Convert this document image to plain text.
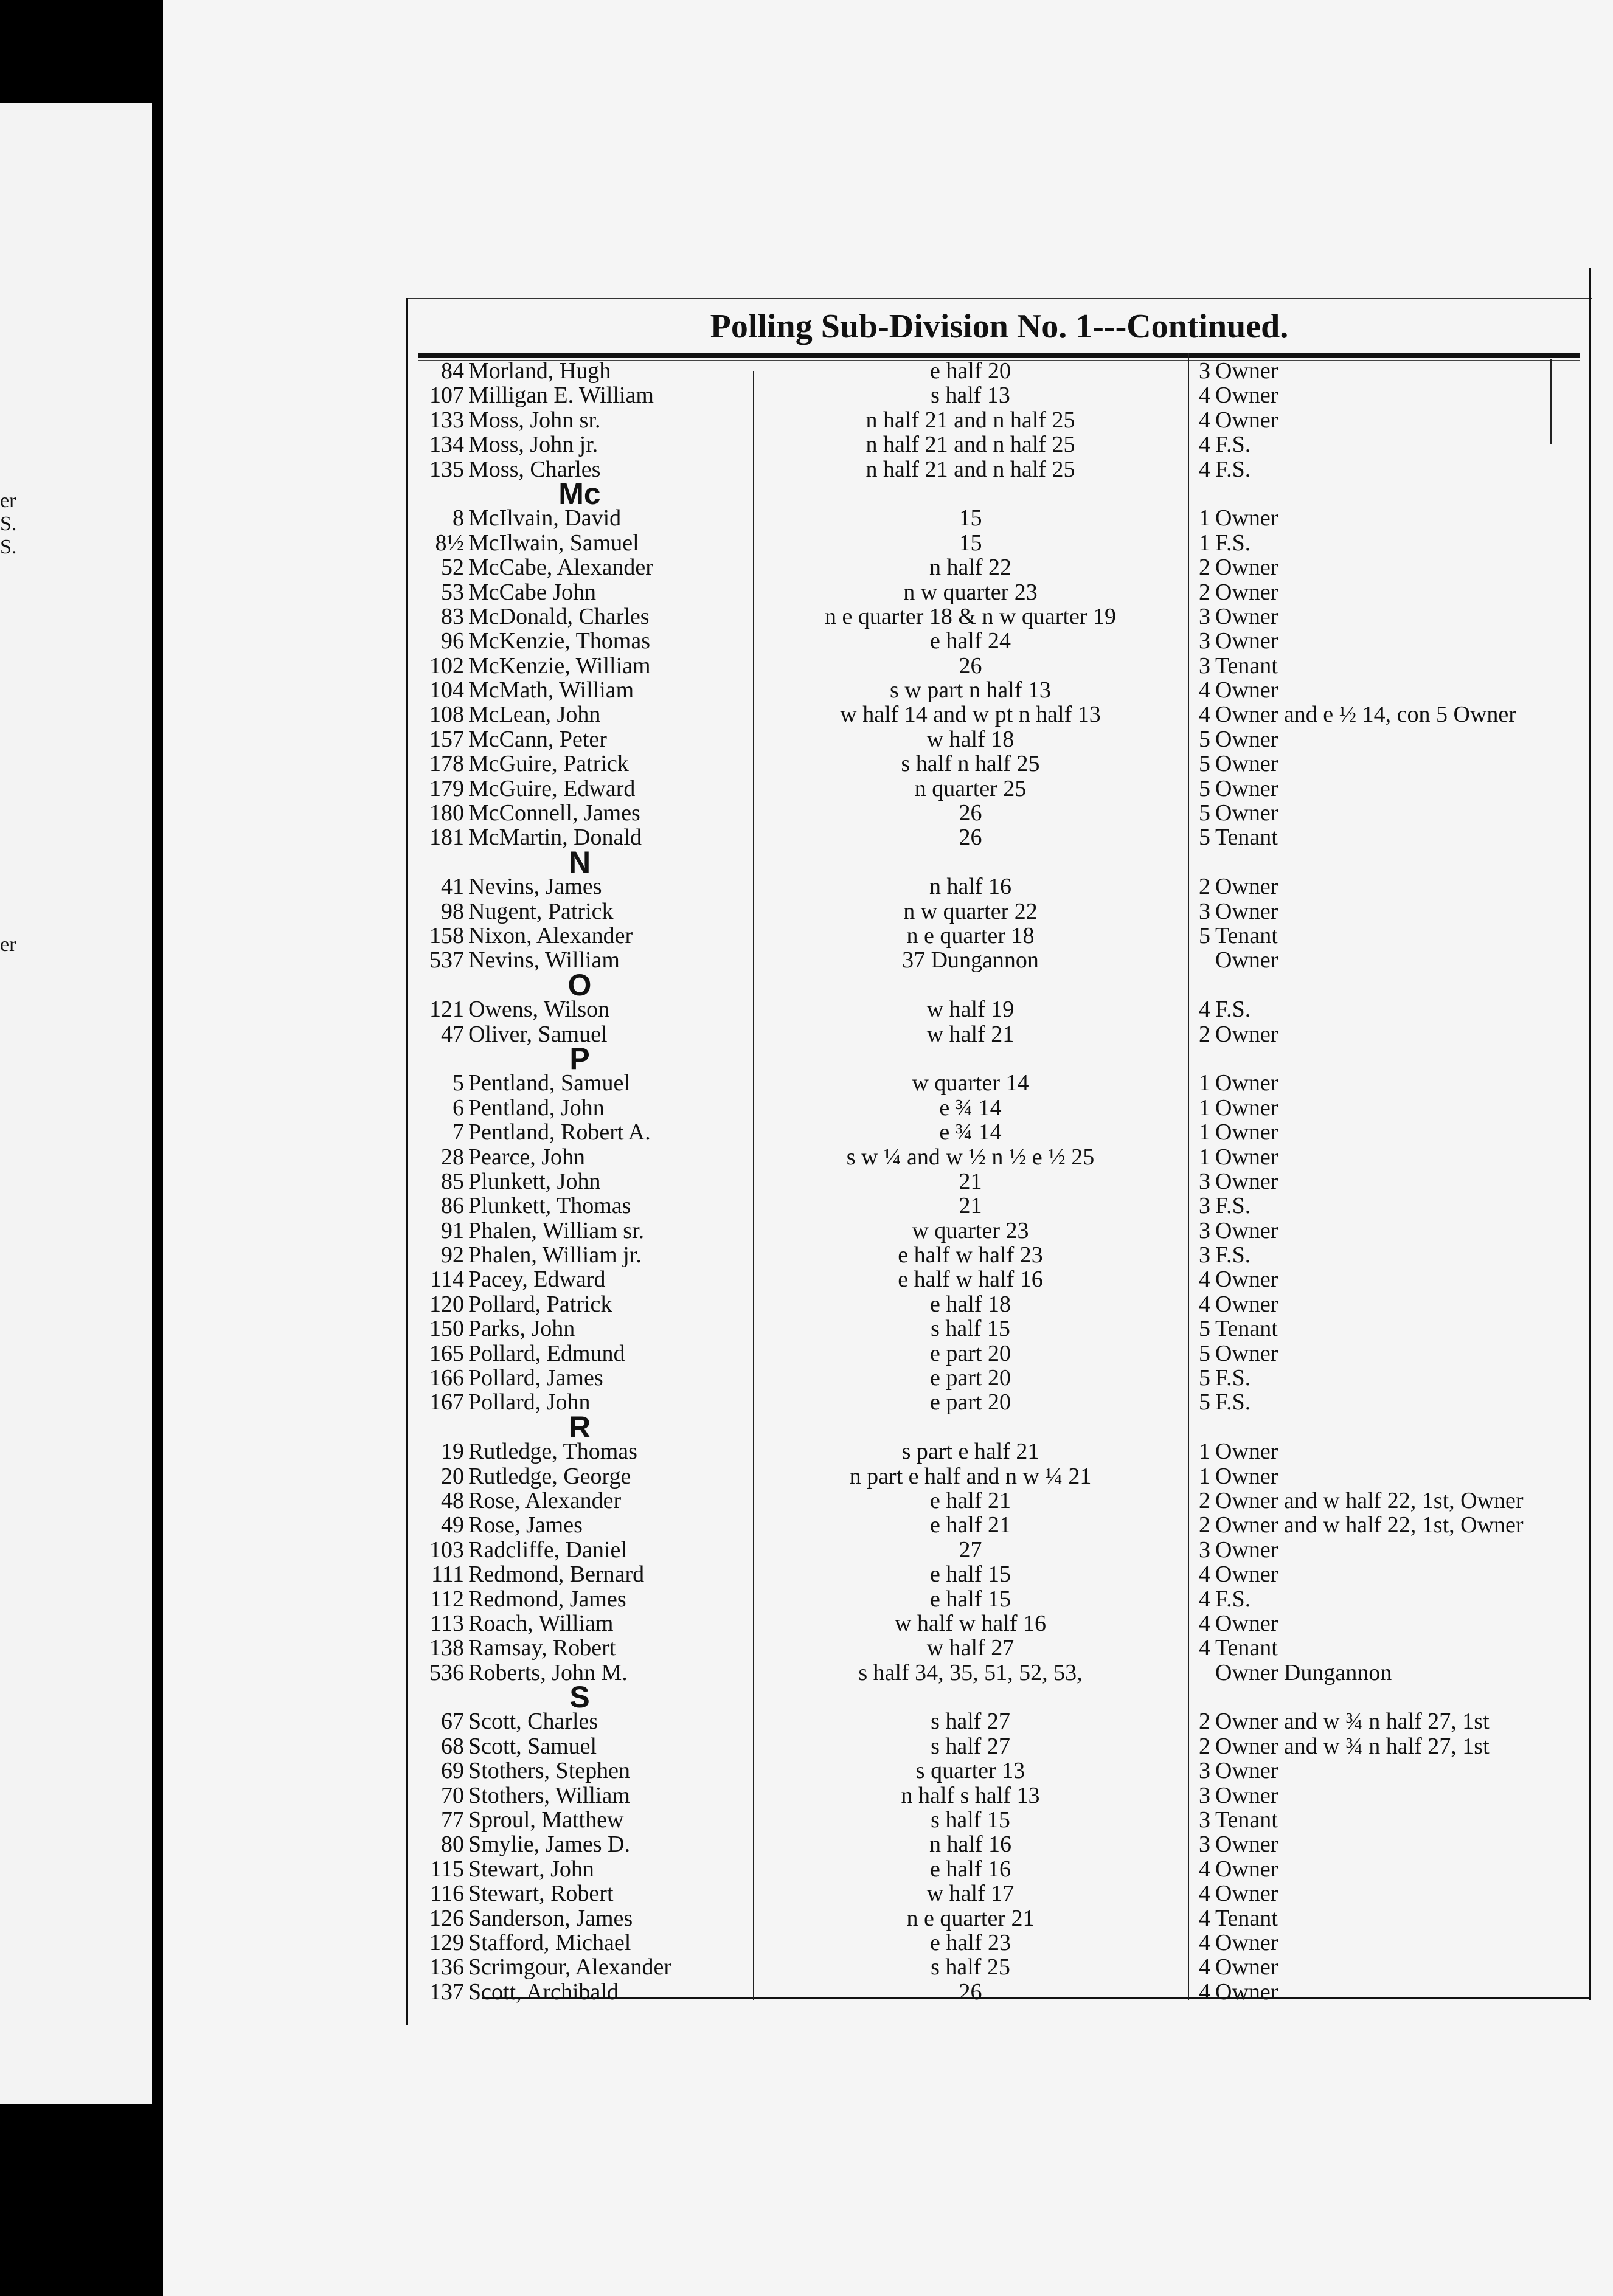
er
S.
S.
er
Polling Sub-Division No. 1---Continued.
84 Morland, Hugh	e half 20	3 Owner
107 Milligan E. William	s half 13	4 Owner
133 Moss, John sr.	n half 21 and n half 25	4 Owner
134 Moss, John jr.	n half 21 and n half 25	4 F.S.
135 Moss, Charles	n half 21 and n half 25	4 F.S.
Mc
8 McIlvain, David	15	1 Owner
8½ McIlwain, Samuel	15	1 F.S.
52 McCabe, Alexander	n half 22	2 Owner
53 McCabe John	n w quarter 23	2 Owner
83 McDonald, Charles	n e quarter 18 & n w quarter 19	3 Owner
96 McKenzie, Thomas	e half 24	3 Owner
102 McKenzie, William	26	3 Tenant
104 McMath, William	s w part n half 13	4 Owner
108 McLean, John	w half 14 and w pt n half 13	4 Owner and e ½ 14, con 5 Owner
157 McCann, Peter	w half 18	5 Owner
178 McGuire, Patrick	s half n half 25	5 Owner
179 McGuire, Edward	n quarter 25	5 Owner
180 McConnell, James	26	5 Owner
181 McMartin, Donald	26	5 Tenant
N
41 Nevins, James	n half 16	2 Owner
98 Nugent, Patrick	n w quarter 22	3 Owner
158 Nixon, Alexander	n e quarter 18	5 Tenant
537 Nevins, William	37 Dungannon	Owner
O
121 Owens, Wilson	w half 19	4 F.S.
47 Oliver, Samuel	w half 21	2 Owner
P
5 Pentland, Samuel	w quarter 14	1 Owner
6 Pentland, John	e ¾ 14	1 Owner
7 Pentland, Robert A.	e ¾ 14	1 Owner
28 Pearce, John	s w ¼ and w ½ n ½ e ½ 25	1 Owner
85 Plunkett, John	21	3 Owner
86 Plunkett, Thomas	21	3 F.S.
91 Phalen, William sr.	w quarter 23	3 Owner
92 Phalen, William jr.	e half w half 23	3 F.S.
114 Pacey, Edward	e half w half 16	4 Owner
120 Pollard, Patrick	e half 18	4 Owner
150 Parks, John	s half 15	5 Tenant
165 Pollard, Edmund	e part 20	5 Owner
166 Pollard, James	e part 20	5 F.S.
167 Pollard, John	e part 20	5 F.S.
R
19 Rutledge, Thomas	s part e half 21	1 Owner
20 Rutledge, George	n part e half and n w ¼ 21	1 Owner
48 Rose, Alexander	e half 21	2 Owner and w half 22, 1st, Owner
49 Rose, James	e half 21	2 Owner and w half 22, 1st, Owner
103 Radcliffe, Daniel	27	3 Owner
111 Redmond, Bernard	e half 15	4 Owner
112 Redmond, James	e half 15	4 F.S.
113 Roach, William	w half w half 16	4 Owner
138 Ramsay, Robert	w half 27	4 Tenant
536 Roberts, John M.	s half 34, 35, 51, 52, 53,	Owner Dungannon
S
67 Scott, Charles	s half 27	2 Owner and w ¾ n half 27, 1st
68 Scott, Samuel	s half 27	2 Owner and w ¾ n half 27, 1st
69 Stothers, Stephen	s quarter 13	3 Owner
70 Stothers, William	n half s half 13	3 Owner
77 Sproul, Matthew	s half 15	3 Tenant
80 Smylie, James D.	n half 16	3 Owner
115 Stewart, John	e half 16	4 Owner
116 Stewart, Robert	w half 17	4 Owner
126 Sanderson, James	n e quarter 21	4 Tenant
129 Stafford, Michael	e half 23	4 Owner
136 Scrimgour, Alexander	s half 25	4 Owner
137 Scott, Archibald	26	4 Owner
